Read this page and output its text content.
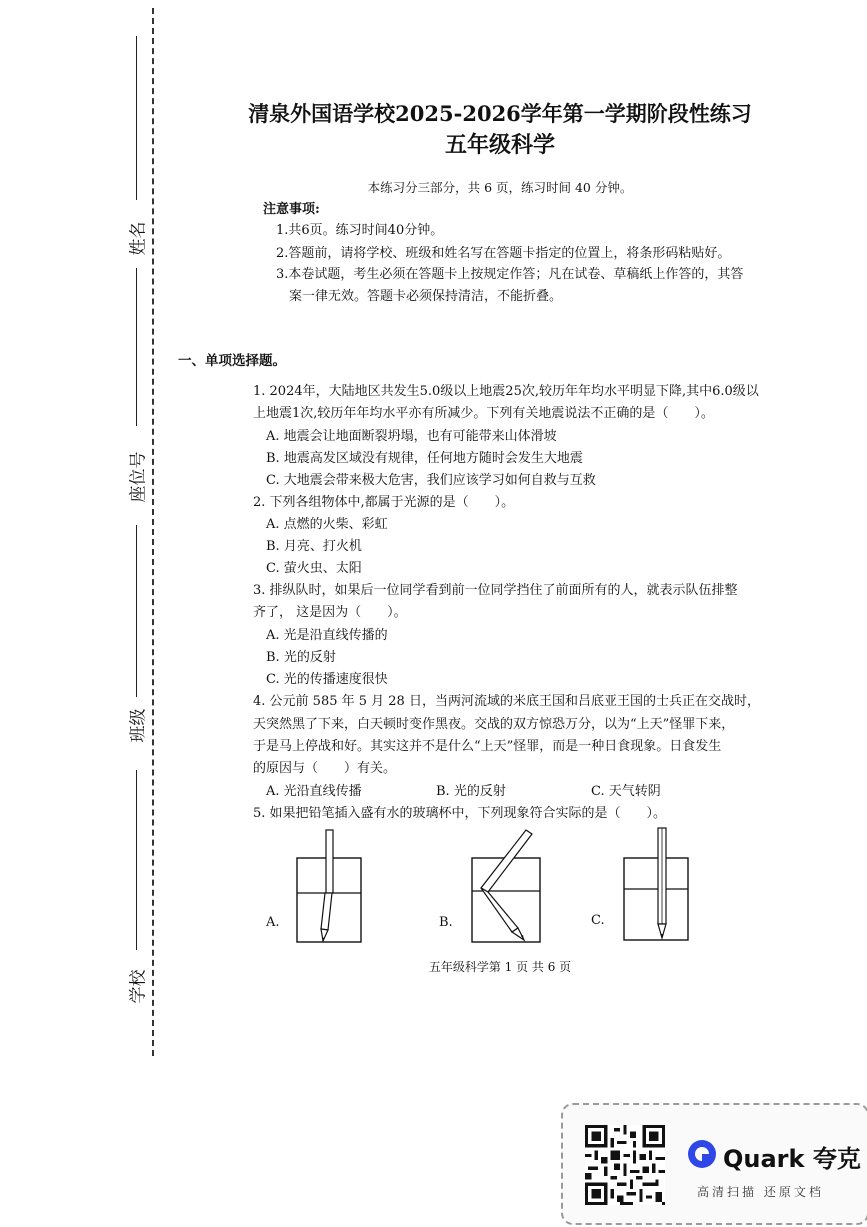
姓名
座位号
班级
学校
清泉外国语学校2025-2026学年第一学期阶段性练习
五年级科学
本练习分三部分，共 6 页，练习时间 40 分钟。
注意事项:
1.共6页。练习时间40分钟。
2.答题前，请将学校、班级和姓名写在答题卡指定的位置上，将条形码粘贴好。
3.本卷试题，考生必须在答题卡上按规定作答；凡在试卷、草稿纸上作答的，其答
案一律无效。答题卡必须保持清洁，不能折叠。
一、单项选择题。
1. 2024年，大陆地区共发生5.0级以上地震25次,较历年年均水平明显下降,其中6.0级以
上地震1次,较历年年均水平亦有所减少。下列有关地震说法不正确的是（　　）。
A. 地震会让地面断裂坍塌，也有可能带来山体滑坡
B. 地震高发区域没有规律，任何地方随时会发生大地震
C. 大地震会带来极大危害，我们应该学习如何自救与互救
2. 下列各组物体中,都属于光源的是（　　）。
A. 点燃的火柴、彩虹
B. 月亮、打火机
C. 萤火虫、太阳
3. 排纵队时，如果后一位同学看到前一位同学挡住了前面所有的人，就表示队伍排整
齐了， 这是因为（　　）。
A. 光是沿直线传播的
B. 光的反射
C. 光的传播速度很快
4. 公元前 585 年 5 月 28 日，当两河流域的米底王国和吕底亚王国的士兵正在交战时，
天突然黑了下来，白天顿时变作黑夜。交战的双方惊恐万分，以为“上天”怪罪下来，
于是马上停战和好。其实这并不是什么“上天”怪罪，而是一种日食现象。日食发生
的原因与（　　）有关。
A. 光沿直线传播	B. 光的反射	C. 天气转阴
5. 如果把铅笔插入盛有水的玻璃杯中，下列现象符合实际的是（　　）。
A.	B.	C.
五年级科学第 1 页 共 6 页
Quark 夸克
高清扫描 还原文档
